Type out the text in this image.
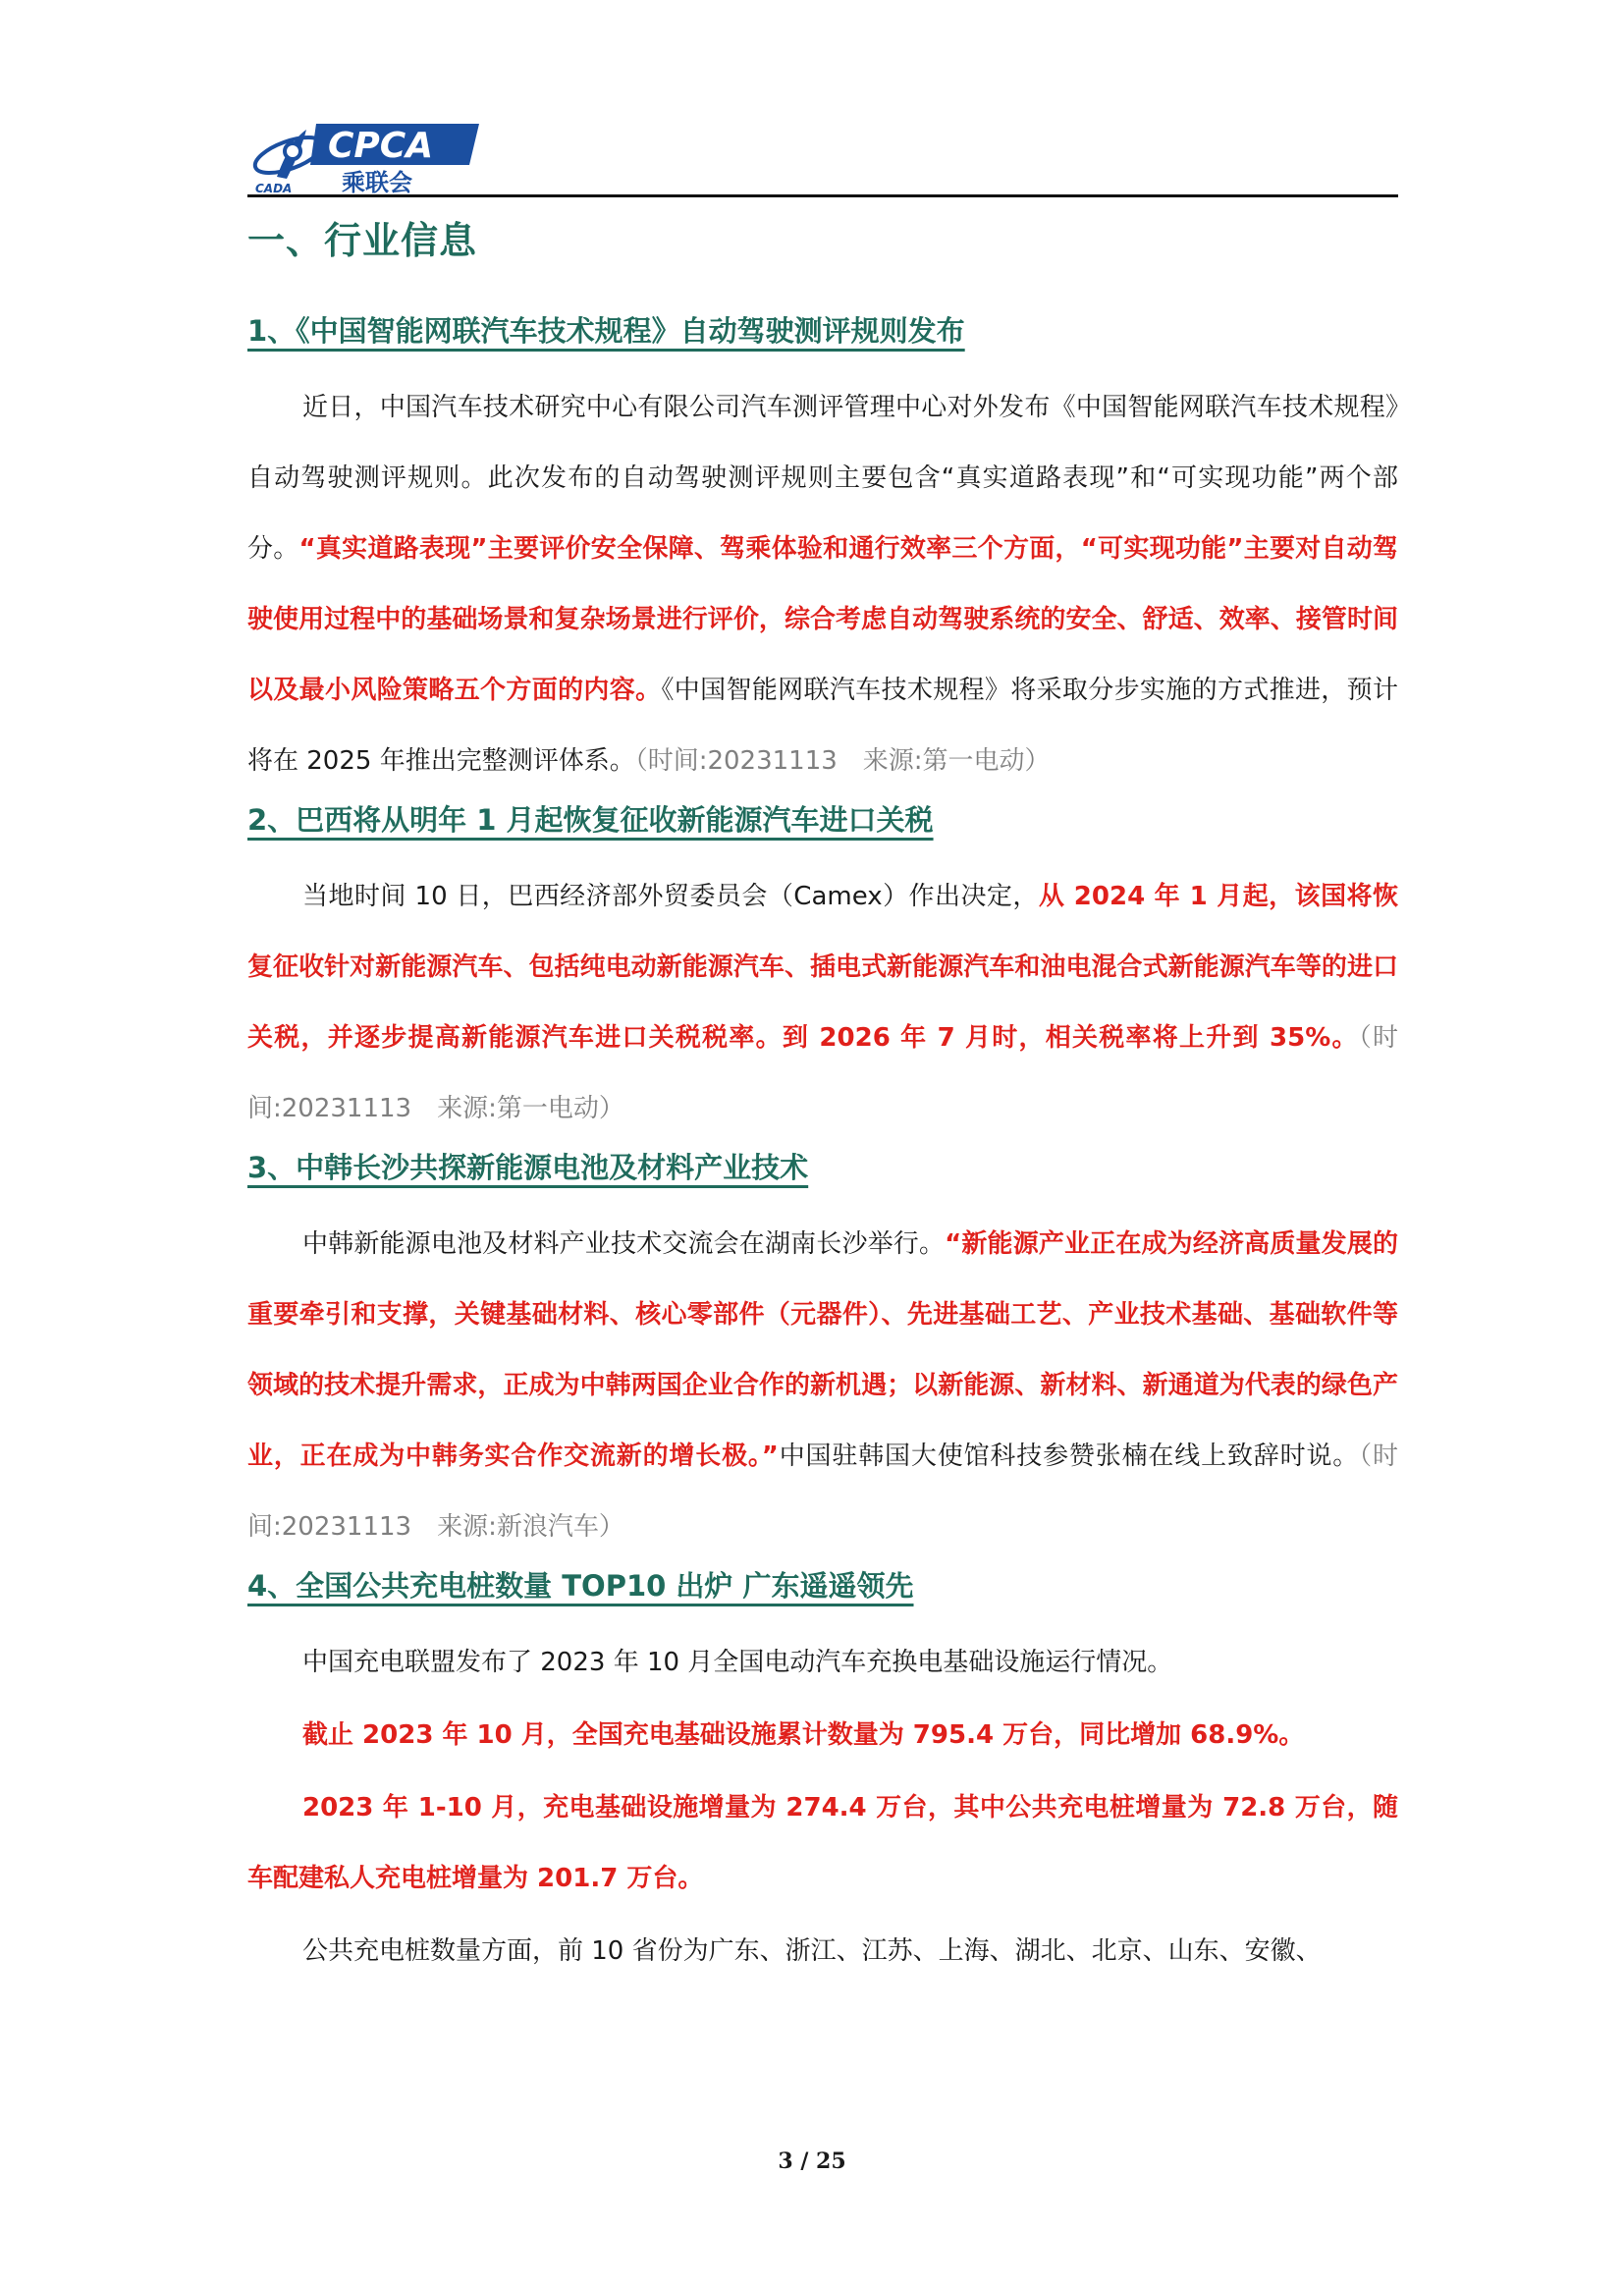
CPCA
乘联会
CADA
一、行业信息
1、《中国智能网联汽车技术规程》自动驾驶测评规则发布
近日，中国汽车技术研究中心有限公司汽车测评管理中心对外发布《中国智能网联汽车技术规程》自动驾驶测评规则。此次发布的自动驾驶测评规则主要包含“真实道路表现”和“可实现功能”两个部分。“真实道路表现”主要评价安全保障、驾乘体验和通行效率三个方面，“可实现功能”主要对自动驾驶使用过程中的基础场景和复杂场景进行评价，综合考虑自动驾驶系统的安全、舒适、效率、接管时间以及最小风险策略五个方面的内容。《中国智能网联汽车技术规程》将采取分步实施的方式推进，预计将在 2025 年推出完整测评体系。（时间:20231113　来源:第一电动）
2、巴西将从明年 1 月起恢复征收新能源汽车进口关税
当地时间 10 日，巴西经济部外贸委员会（Camex）作出决定，从 2024 年 1 月起，该国将恢复征收针对新能源汽车、包括纯电动新能源汽车、插电式新能源汽车和油电混合式新能源汽车等的进口关税，并逐步提高新能源汽车进口关税税率。到 2026 年 7 月时，相关税率将上升到 35%。（时间:20231113　来源:第一电动）
3、中韩长沙共探新能源电池及材料产业技术
中韩新能源电池及材料产业技术交流会在湖南长沙举行。“新能源产业正在成为经济高质量发展的重要牵引和支撑，关键基础材料、核心零部件（元器件）、先进基础工艺、产业技术基础、基础软件等领域的技术提升需求，正成为中韩两国企业合作的新机遇；以新能源、新材料、新通道为代表的绿色产业，正在成为中韩务实合作交流新的增长极。”中国驻韩国大使馆科技参赞张楠在线上致辞时说。（时间:20231113　来源:新浪汽车）
4、全国公共充电桩数量 TOP10 出炉 广东遥遥领先
中国充电联盟发布了 2023 年 10 月全国电动汽车充换电基础设施运行情况。
截止 2023 年 10 月，全国充电基础设施累计数量为 795.4 万台，同比增加 68.9%。
2023 年 1-10 月，充电基础设施增量为 274.4 万台，其中公共充电桩增量为 72.8 万台，随车配建私人充电桩增量为 201.7 万台。
公共充电桩数量方面，前 10 省份为广东、浙江、江苏、上海、湖北、北京、山东、安徽、
3 / 25
